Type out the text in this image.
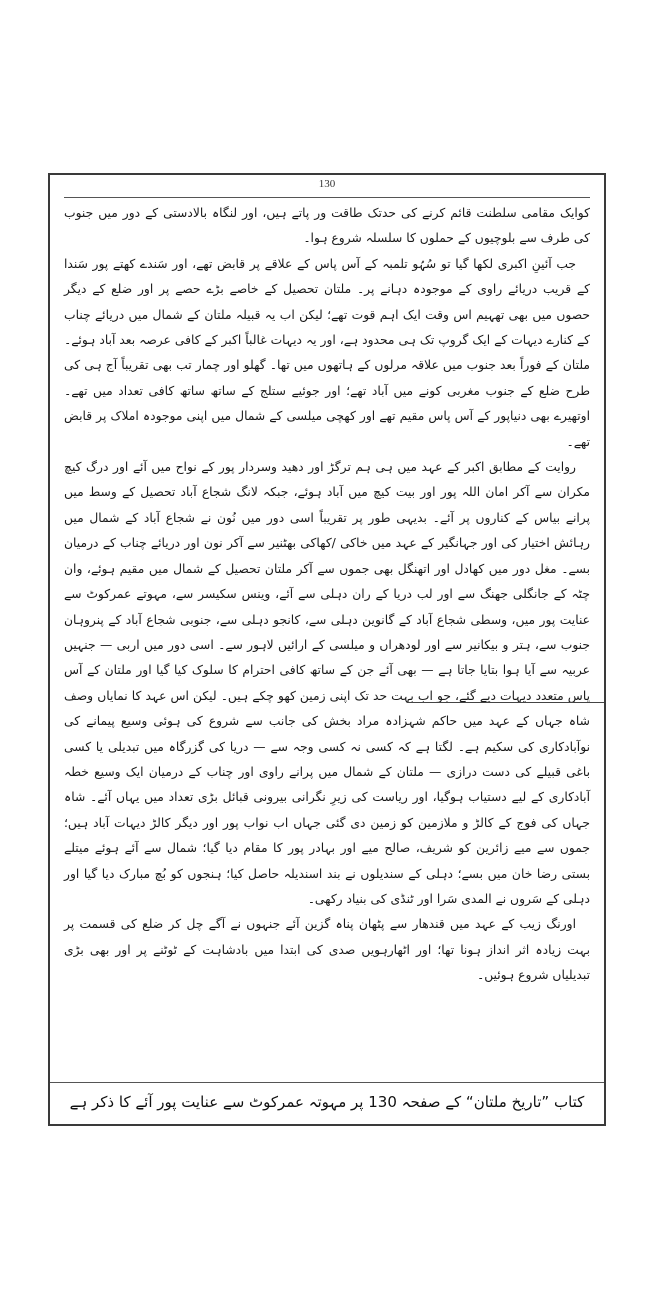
130

کوایک مقامی سلطنت قائم کرنے کی حدتک طاقت ور پاتے ہیں، اور لنگاہ بالادستی کے دور میں جنوب کی طرف سے بلوچیوں کے حملوں کا سلسلہ شروع ہوا۔

جب آئینِ اکبری لکھا گیا تو سُہُو تلمبہ کے آس پاس کے علاقے پر قابض تھے، اور سَندے کھتے پور سَندا کے قریب دریائے راوی کے موجودہ دہانے پر۔ ملتان تحصیل کے خاصے بڑے حصے پر اور ضلع کے دیگر حصوں میں بھی تھہیم اس وقت ایک اہم قوت تھے؛ لیکن اب یہ قبیلہ ملتان کے شمال میں دریائے چناب کے کنارے دیہات کے ایک گروپ تک ہی محدود ہے، اور یہ دیہات غالباً اکبر کے کافی عرصہ بعد آباد ہوئے۔ ملتان کے فوراً بعد جنوب میں علاقہ مرلوں کے ہاتھوں میں تھا۔ گھلو اور چمار تب بھی تقریباً آج ہی کی طرح ضلع کے جنوب مغربی کونے میں آباد تھے؛ اور جوئیے ستلج کے ساتھ ساتھ کافی تعداد میں تھے۔ اوتھیرے بھی دنیاپور کے آس پاس مقیم تھے اور کھچی میلسی کے شمال میں اپنی موجودہ املاک پر قابض تھے۔

روایت کے مطابق اکبر کے عہد میں ہی ہم ترگڑ اور دھید وسردار پور کے نواح میں آئے اور درگ کیچ مکران سے آکر امان اللہ پور اور بیت کیچ میں آباد ہوئے، جبکہ لانگ شجاع آباد تحصیل کے وسط میں پرانے بیاس کے کناروں پر آئے۔ بدیہی طور پر تقریباً اسی دور میں نُون نے شجاع آباد کے شمال میں رہائش اختیار کی اور جہانگیر کے عہد میں خاکی /کھاکی بھٹنیر سے آکر نون اور دریائے چناب کے درمیان بسے۔ مغل دور میں کھادل اور اتھنگل بھی جموں سے آکر ملتان تحصیل کے شمال میں مقیم ہوئے، وان چٹہ کے جانگلی جھنگ سے اور لب دریا کے ران دہلی سے آئے، وینس سکیسر سے، مہوتے عمرکوٹ سے عنایت پور میں، وسطی شجاع آباد کے گانوین دہلی سے، کانجو دہلی سے، جنوبی شجاع آباد کے پنروہان جنوب سے، ہتر و بیکانیر سے اور لودھراں و میلسی کے ارائیں لاہور سے۔ اسی دور میں اربی — جنہیں عربیہ سے آیا ہوا بتایا جاتا ہے — بھی آئے جن کے ساتھ کافی احترام کا سلوک کیا گیا اور ملتان کے آس پاس متعدد دیہات دیے گئے، جو اب بہت حد تک اپنی زمین کھو چکے ہیں۔ لیکن اس عہد کا نمایاں وصف شاہ جہاں کے عہد میں حاکم شہزادہ مراد بخش کی جانب سے شروع کی ہوئی وسیع پیمانے کی نوآبادکاری کی سکیم ہے۔ لگتا ہے کہ کسی نہ کسی وجہ سے — دریا کی گزرگاہ میں تبدیلی یا کسی باغی قبیلے کی دست درازی — ملتان کے شمال میں پرانے راوی اور چناب کے درمیان ایک وسیع خطہ آبادکاری کے لیے دستیاب ہوگیا، اور ریاست کی زیرِ نگرانی بیرونی قبائل بڑی تعداد میں یہاں آئے۔ شاہ جہاں کی فوج کے کالڑ و ملازمین کو زمین دی گئی جہاں اب نواب پور اور دیگر کالڑ دیہات آباد ہیں؛ جموں سے میے زائرین کو شریف، صالح میے اور بہادر پور کا مقام دیا گیا؛ شمال سے آئے ہوئے میتلے بستی رضا خان میں بسے؛ دہلی کے سندیلوں نے بند اسندیلہ حاصل کیا؛ ہنجوں کو بُچ مبارک دیا گیا اور دہلی کے سَروں نے المدی سَرا اور ٹنڈی کی بنیاد رکھی۔

اورنگ زیب کے عہد میں قندھار سے پٹھان پناہ گزین آئے جنہوں نے آگے چل کر ضلع کی قسمت پر بہت زیادہ اثر انداز ہونا تھا؛ اور اٹھارہویں صدی کی ابتدا میں بادشاہت کے ٹوٹنے پر اور بھی بڑی تبدیلیاں شروع ہوئیں۔

کتاب ”تاریخ ملتان“ کے صفحہ 130 پر مہوتہ عمرکوٹ سے عنایت پور آئے کا ذکر ہے
